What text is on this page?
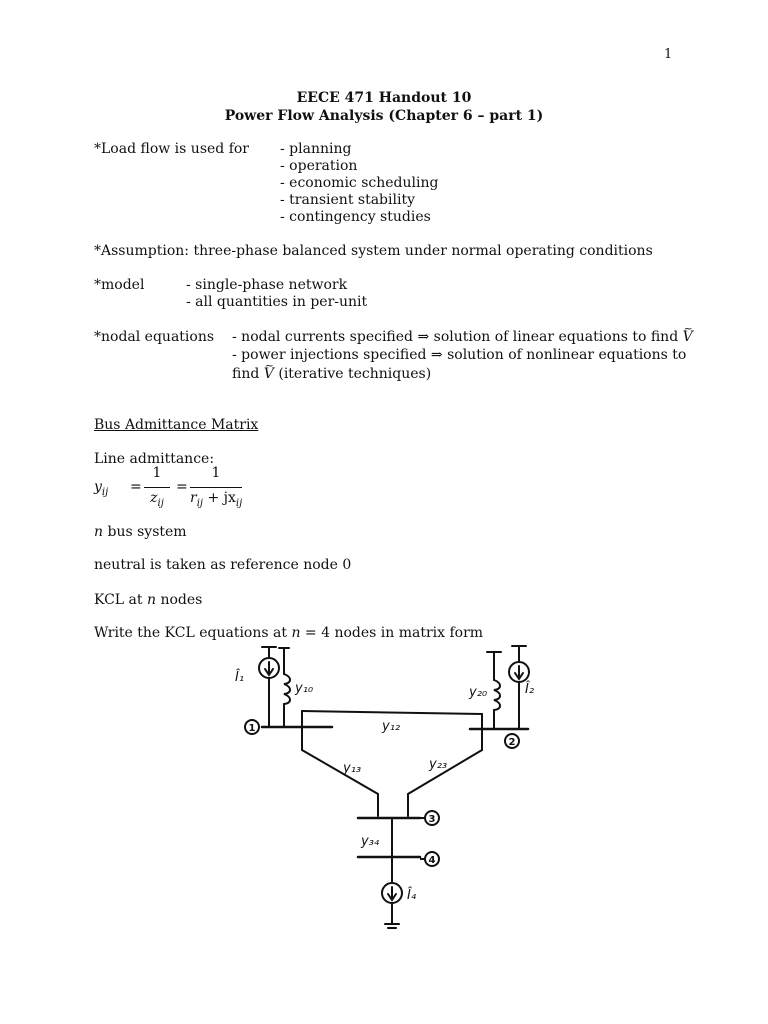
1
EECE 471 Handout 10
Power Flow Analysis (Chapter 6 – part 1)
*Load flow is used for - planning
- operation
- economic scheduling
- transient stability
- contingency studies
*Assumption: three-phase balanced system under normal operating conditions
*model	- single-phase network
- all quantities in per-unit
*nodal equations - nodal currents specified ⇒ solution of linear equations to find ~ V
- power injections specified ⇒ solution of nonlinear equations to
find ~ V (iterative techniques)
Bus Admittance Matrix
Line admittance:
$y_{ij}$ =
1
$z_{ij}$
=
1
$r_{ij} + jx_{ij}$
n bus system
neutral is taken as reference node 0
KCL at n nodes
Write the KCL equations at n = 4 nodes in matrix form
Î₁
y₁₀	y₂₀	Î₂
y₁₂
y₁₃	y₂₃
y₃₄
Î₄
1
2
3
4
